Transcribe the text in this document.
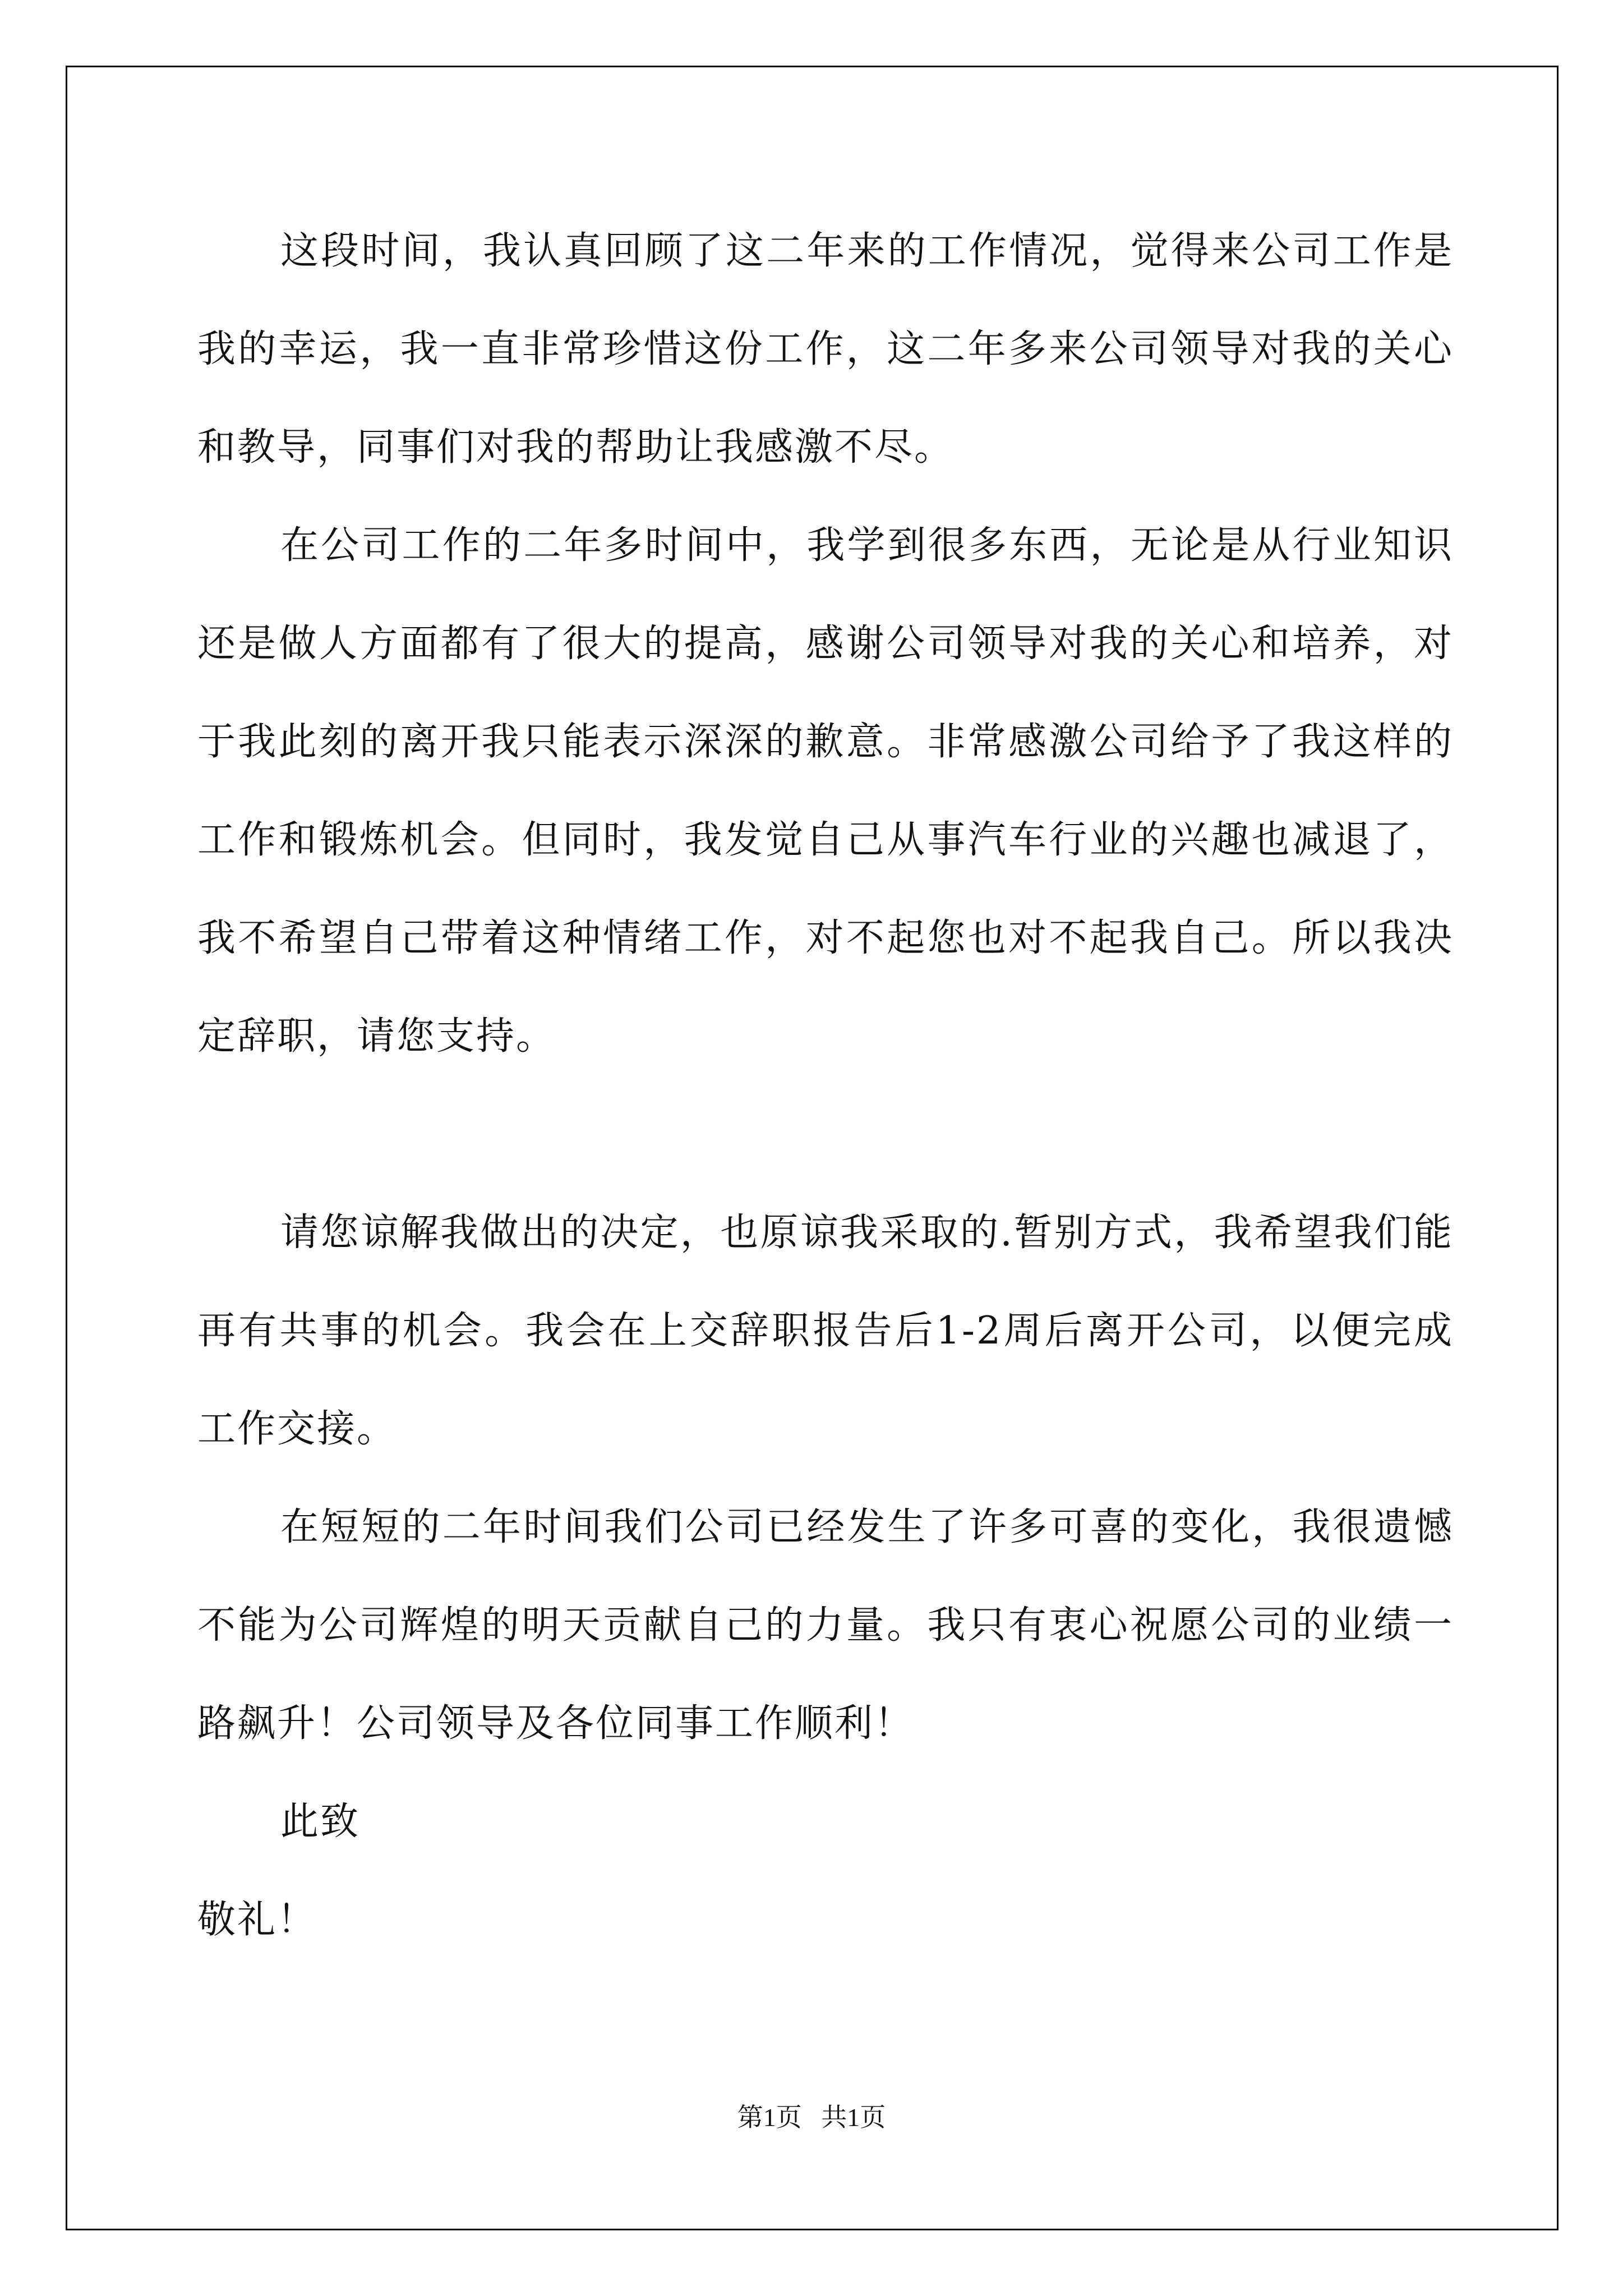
这段时间，我认真回顾了这二年来的工作情况，觉得来公司工作是我的幸运，我一直非常珍惜这份工作，这二年多来公司领导对我的关心和教导，同事们对我的帮助让我感激不尽。

在公司工作的二年多时间中，我学到很多东西，无论是从行业知识还是做人方面都有了很大的提高，感谢公司领导对我的关心和培养，对于我此刻的离开我只能表示深深的歉意。非常感激公司给予了我这样的工作和锻炼机会。但同时，我发觉自己从事汽车行业的兴趣也减退了，我不希望自己带着这种情绪工作，对不起您也对不起我自己。所以我决定辞职，请您支持。

请您谅解我做出的决定，也原谅我采取的.暂别方式，我希望我们能再有共事的机会。我会在上交辞职报告后1-2周后离开公司，以便完成工作交接。

在短短的二年时间我们公司已经发生了许多可喜的变化，我很遗憾不能为公司辉煌的明天贡献自己的力量。我只有衷心祝愿公司的业绩一路飙升！公司领导及各位同事工作顺利！

此致

敬礼！

第1页   共1页
